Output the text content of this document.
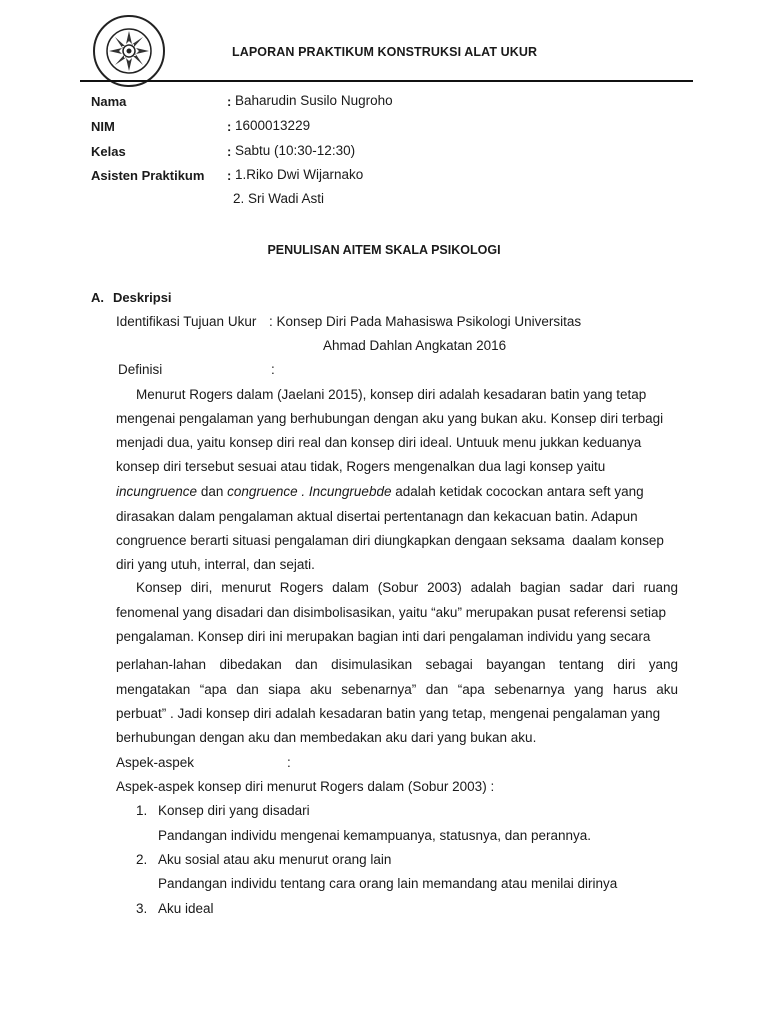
LAPORAN PRAKTIKUM KONSTRUKSI ALAT UKUR
Nama	: Baharudin Susilo Nugroho
NIM	: 1600013229
Kelas	: Sabtu (10:30-12:30)
Asisten Praktikum : 1.Riko Dwi Wijarnako
2. Sri Wadi Asti
PENULISAN AITEM SKALA PSIKOLOGI
A. Deskripsi
Identifikasi Tujuan Ukur : Konsep Diri Pada Mahasiswa Psikologi Universitas
Ahmad Dahlan Angkatan 2016
Definisi	:
Menurut Rogers dalam (Jaelani 2015), konsep diri adalah kesadaran batin yang tetap
mengenai pengalaman yang berhubungan dengan aku yang bukan aku. Konsep diri terbagi
menjadi dua, yaitu konsep diri real dan konsep diri ideal. Untuuk menu jukkan keduanya
konsep diri tersebut sesuai atau tidak, Rogers mengenalkan dua lagi konsep yaitu
incungruence dan congruence . Incungruebde adalah ketidak cocockan antara seft yang
dirasakan dalam pengalaman aktual disertai pertentanagn dan kekacuan batin. Adapun
congruence berarti situasi pengalaman diri diungkapkan dengaan seksama  daalam konsep
diri yang utuh, interral, dan sejati.
Konsep diri, menurut Rogers dalam (Sobur 2003) adalah bagian sadar dari ruang
fenomenal yang disadari dan disimbolisasikan, yaitu “aku” merupakan pusat referensi setiap
pengalaman. Konsep diri ini merupakan bagian inti dari pengalaman individu yang secara
perlahan-lahan dibedakan dan disimulasikan sebagai bayangan tentang diri yang
mengatakan “apa dan siapa aku sebenarnya” dan “apa sebenarnya yang harus aku
perbuat” . Jadi konsep diri adalah kesadaran batin yang tetap, mengenai pengalaman yang
berhubungan dengan aku dan membedakan aku dari yang bukan aku.
Aspek-aspek	:
Aspek-aspek konsep diri menurut Rogers dalam (Sobur 2003) :
1. Konsep diri yang disadari
Pandangan individu mengenai kemampuanya, statusnya, dan perannya.
2. Aku sosial atau aku menurut orang lain
Pandangan individu tentang cara orang lain memandang atau menilai dirinya
3. Aku ideal
